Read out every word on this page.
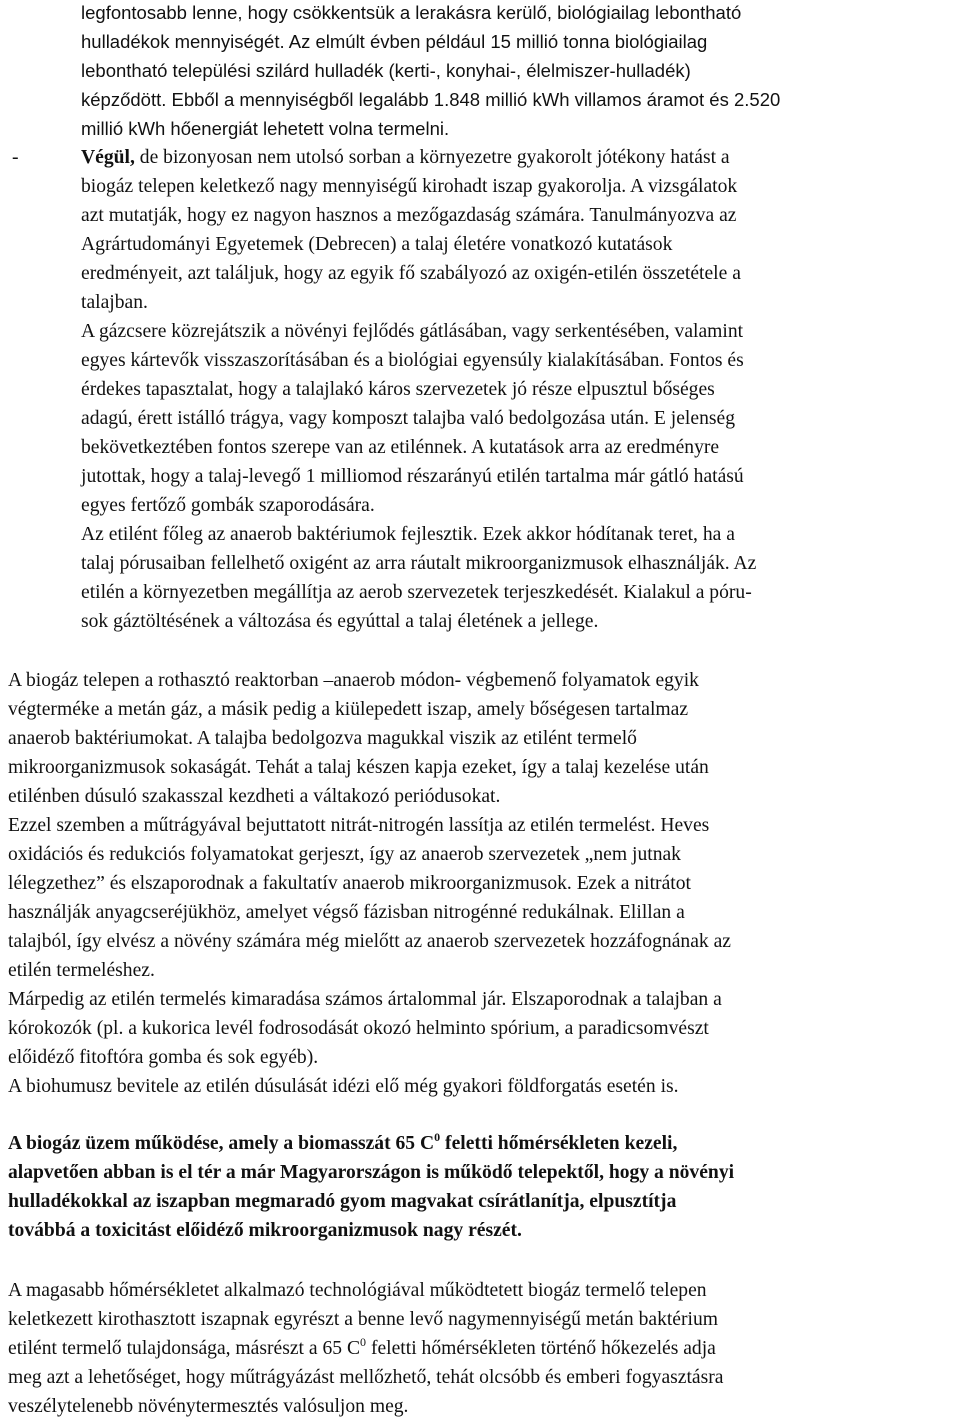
legfontosabb lenne, hogy csökkentsük a lerakásra kerülő, biológiailag lebontható
hulladékok mennyiségét. Az elmúlt évben például 15 millió tonna biológiailag
lebontható települési szilárd hulladék (kerti-, konyhai-, élelmiszer-hulladék)
képződött. Ebből a mennyiségből legalább 1.848 millió kWh villamos áramot és 2.520
millió kWh hőenergiát lehetett volna termelni.
-	Végül, de bizonyosan nem utolsó sorban a környezetre gyakorolt jótékony hatást a
biogáz telepen keletkező nagy mennyiségű kirohadt iszap gyakorolja. A vizsgálatok
azt mutatják, hogy ez nagyon hasznos a mezőgazdaság számára. Tanulmányozva az
Agrártudományi Egyetemek (Debrecen) a talaj életére vonatkozó kutatások
eredményeit, azt találjuk, hogy az egyik fő szabályozó az oxigén-etilén összetétele a
talajban.
A gázcsere közrejátszik a növényi fejlődés gátlásában, vagy serkentésében, valamint
egyes kártevők visszaszorításában és a biológiai egyensúly kialakításában. Fontos és
érdekes tapasztalat, hogy a talajlakó káros szervezetek jó része elpusztul bőséges
adagú, érett istálló trágya, vagy komposzt talajba való bedolgozása után. E jelenség
bekövetkeztében fontos szerepe van az etilénnek. A kutatások arra az eredményre
jutottak, hogy a talaj-levegő 1 milliomod részarányú etilén tartalma már gátló hatású
egyes fertőző gombák szaporodására.
Az etilént főleg az anaerob baktériumok fejlesztik. Ezek akkor hódítanak teret, ha a
talaj pórusaiban fellelhető oxigént az arra ráutalt mikroorganizmusok elhasználják. Az
etilén a környezetben megállítja az aerob szervezetek terjeszkedését. Kialakul a póru-
sok gáztöltésének a változása és egyúttal a talaj életének a jellege.
A biogáz telepen a rothasztó reaktorban –anaerob módon- végbemenő folyamatok egyik
végterméke a metán gáz, a másik pedig a kiülepedett iszap, amely bőségesen tartalmaz
anaerob baktériumokat. A talajba bedolgozva magukkal viszik az etilént termelő
mikroorganizmusok sokaságát. Tehát a talaj készen kapja ezeket, így a talaj kezelése után
etilénben dúsuló szakasszal kezdheti a váltakozó periódusokat.
Ezzel szemben a műtrágyával bejuttatott nitrát-nitrogén lassítja az etilén termelést. Heves
oxidációs és redukciós folyamatokat gerjeszt, így az anaerob szervezetek „nem jutnak
lélegzethez” és elszaporodnak a fakultatív anaerob mikroorganizmusok. Ezek a nitrátot
használják anyagcseréjükhöz, amelyet végső fázisban nitrogénné redukálnak. Elillan a
talajból, így elvész a növény számára még mielőtt az anaerob szervezetek hozzáfognának az
etilén termeléshez.
Márpedig az etilén termelés kimaradása számos ártalommal jár. Elszaporodnak a talajban a
kórokozók (pl. a kukorica levél fodrosodását okozó helminto spórium, a paradicsomvészt
előidéző fitoftóra gomba és sok egyéb).
A biohumusz bevitele az etilén dúsulását idézi elő még gyakori földforgatás esetén is.
A biogáz üzem működése, amely a biomasszát 65 $C^0$ feletti hőmérsékleten kezeli,
alapvetően abban is el tér a már Magyarországon is működő telepektől, hogy a növényi
hulladékokkal az iszapban megmaradó gyom magvakat csírátlanítja, elpusztítja
továbbá a toxicitást előidéző mikroorganizmusok nagy részét.
A magasabb hőmérsékletet alkalmazó technológiával működtetett biogáz termelő telepen
keletkezett kirothasztott iszapnak egyrészt a benne levő nagymennyiségű metán baktérium
etilént termelő tulajdonsága, másrészt a 65 $C^0$ feletti hőmérsékleten történő hőkezelés adja
meg azt a lehetőséget, hogy műtrágyázást mellőzhető, tehát olcsóbb és emberi fogyasztásra
veszélytelenebb növénytermesztés valósuljon meg.
